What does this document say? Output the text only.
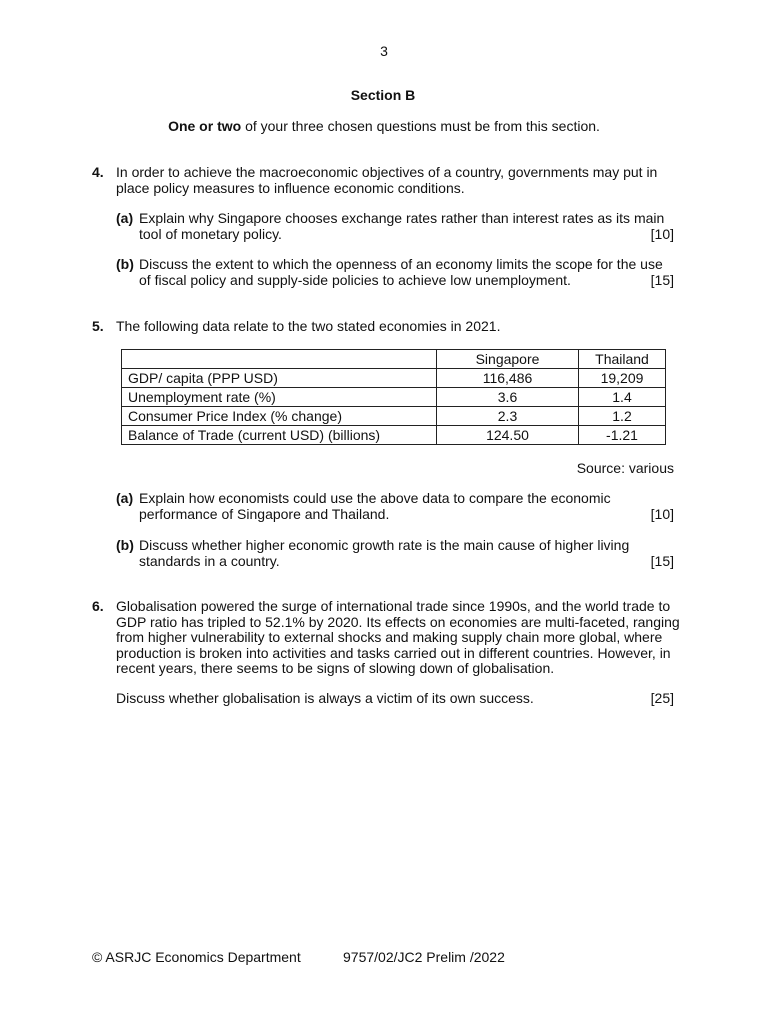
3
Section B
One or two of your three chosen questions must be from this section.
4. In order to achieve the macroeconomic objectives of a country, governments may put in
place policy measures to influence economic conditions.
(a) Explain why Singapore chooses exchange rates rather than interest rates as its main
tool of monetary policy.	[10]
(b) Discuss the extent to which the openness of an economy limits the scope for the use
of fiscal policy and supply-side policies to achieve low unemployment.	[15]
5. The following data relate to the two stated economies in 2021.
	Singapore	Thailand
GDP/ capita (PPP USD)	116,486	19,209
Unemployment rate (%)	3.6	1.4
Consumer Price Index (% change)	2.3	1.2
Balance of Trade (current USD) (billions)	124.50	-1.21
Source: various
(a) Explain how economists could use the above data to compare the economic
performance of Singapore and Thailand.	[10]
(b) Discuss whether higher economic growth rate is the main cause of higher living
standards in a country.	[15]
6. Globalisation powered the surge of international trade since 1990s, and the world trade to
GDP ratio has tripled to 52.1% by 2020. Its effects on economies are multi-faceted, ranging
from higher vulnerability to external shocks and making supply chain more global, where
production is broken into activities and tasks carried out in different countries. However, in
recent years, there seems to be signs of slowing down of globalisation.
Discuss whether globalisation is always a victim of its own success.	[25]
© ASRJC Economics Department	9757/02/JC2 Prelim /2022
